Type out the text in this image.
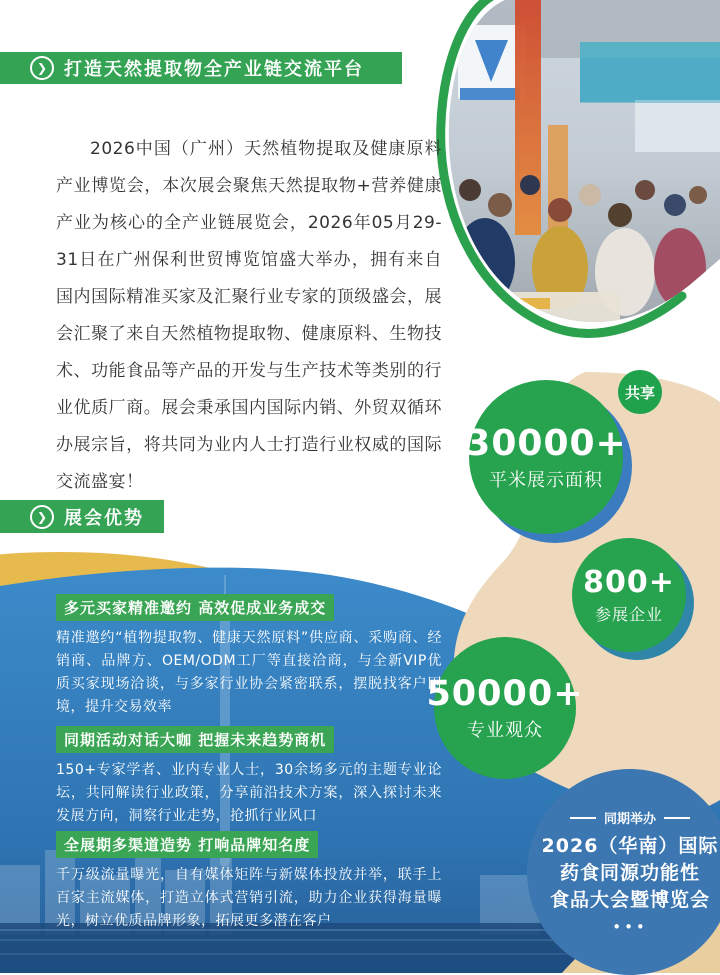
❯ 打造天然提取物全产业链交流平台

2026中国（广州）天然植物提取及健康原料产业博览会，本次展会聚焦天然提取物+营养健康产业为核心的全产业链展览会，2026年05月29-31日在广州保利世贸博览馆盛大举办，拥有来自国内国际精准买家及汇聚行业专家的顶级盛会，展会汇聚了来自天然植物提取物、健康原料、生物技术、功能食品等产品的开发与生产技术等类别的行业优质厂商。展会秉承国内国际内销、外贸双循环办展宗旨，将共同为业内人士打造行业权威的国际交流盛宴！

❯ 展会优势
共享
30000+
平米展示面积
800+
参展企业
50000+
专业观众
同期举办
2026（华南）国际
药食同源功能性
食品大会暨博览会
•••
多元买家精准邀约 高效促成业务成交
精准邀约“植物提取物、健康天然原料”供应商、采购商、经销商、品牌方、OEM/ODM工厂等直接洽商，与全新VIP优质买家现场洽谈，与多家行业协会紧密联系，摆脱找客户困境，提升交易效率
同期活动对话大咖 把握未来趋势商机
150+专家学者、业内专业人士，30余场多元的主题专业论坛，共同解读行业政策，分享前沿技术方案，深入探讨未来发展方向，洞察行业走势，抢抓行业风口
全展期多渠道造势 打响品牌知名度
千万级流量曝光，自有媒体矩阵与新媒体投放并举，联手上百家主流媒体，打造立体式营销引流，助力企业获得海量曝光，树立优质品牌形象，拓展更多潜在客户
